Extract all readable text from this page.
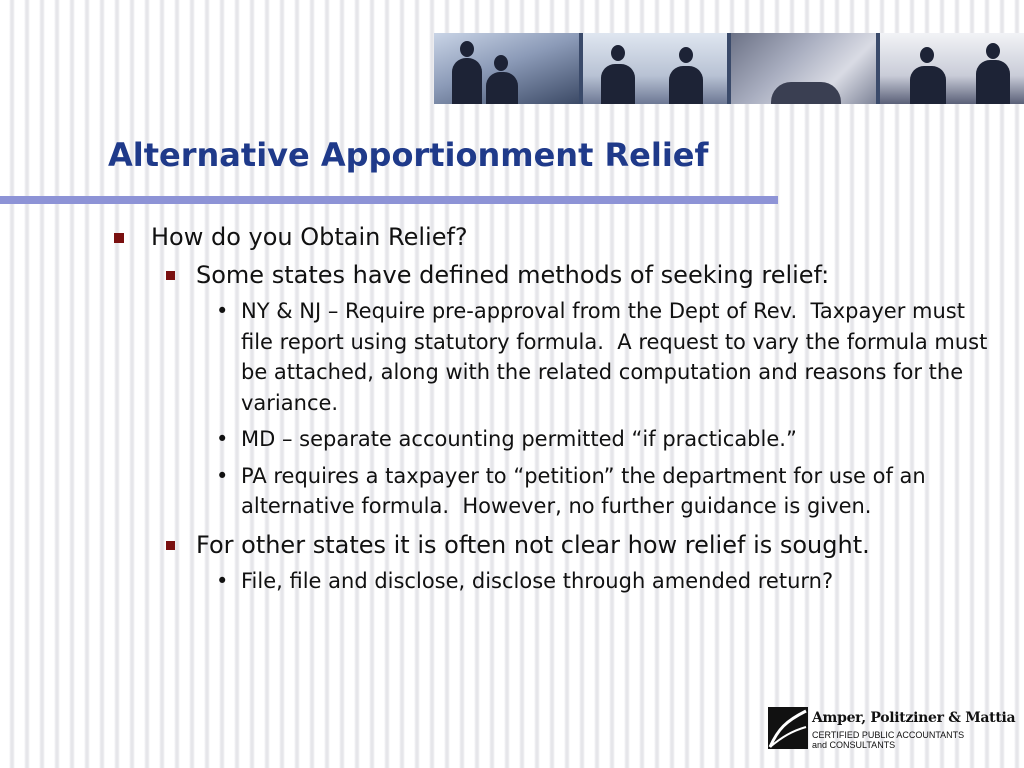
Alternative Apportionment Relief
How do you Obtain Relief?
Some states have defined methods of seeking relief:
• NY & NJ – Require pre-approval from the Dept of Rev.  Taxpayer must file report using statutory formula.  A request to vary the formula must be attached, along with the related computation and reasons for the variance.
• MD – separate accounting permitted “if practicable.”
• PA requires a taxpayer to “petition” the department for use of an alternative formula.  However, no further guidance is given.
For other states it is often not clear how relief is sought.
• File, file and disclose, disclose through amended return?
Amper, Politziner & Mattia
CERTIFIED PUBLIC ACCOUNTANTS
and CONSULTANTS
